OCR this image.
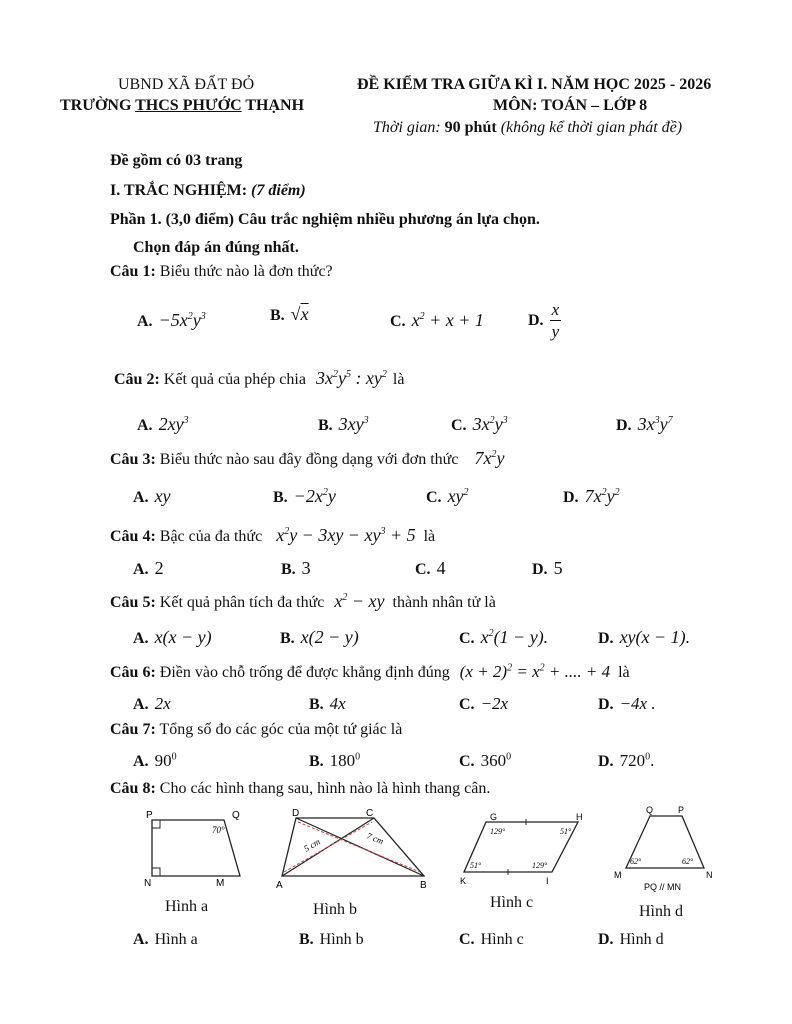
UBND XÃ ĐẤT ĐỎ
TRƯỜNG THCS PHƯỚC THẠNH
ĐỀ KIỂM TRA GIỮA KÌ I. NĂM HỌC 2025 - 2026
MÔN: TOÁN – LỚP 8
Thời gian: 90 phút (không kể thời gian phát đề)
Đề gồm có 03 trang
I. TRẮC NGHIỆM: (7 điểm)
Phần 1. (3,0 điểm) Câu trắc nghiệm nhiều phương án lựa chọn.
Chọn đáp án đúng nhất.
Câu 1: Biểu thức nào là đơn thức?
A. $-5x^2y^3$	B. √x	C. $x^2 + x + 1$	D. $\frac{x}{y}$
Câu 2: Kết quả của phép chia $3x^2y^5$ : $xy^2$ là
A. $2xy^3$	B. $3xy^3$	C. $3x^2y^3$	D. $3x^3y^7$
Câu 3: Biểu thức nào sau đây đồng dạng với đơn thức $7x^2y$
A. xy	B. $-2x^2y$	C. $xy^2$	D. $7x^2y^2$
Câu 4: Bậc của đa thức $x^2y - 3xy - xy^3 + 5$ là
A. 2	B. 3	C. 4	D. 5
Câu 5: Kết quả phân tích đa thức $x^2$ − xy thành nhân tử là
A. x(x − y)	B. x(2 − y)	C. $x^2(1 - y)$.	D. xy(x − 1).
Câu 6: Điền vào chỗ trống để được khẳng định đúng $(x + 2)^2 = x^2$ + .... + 4 là
A. 2x	B. 4x	C. −2x	D. −4x .
Câu 7: Tổng số đo các góc của một tứ giác là
A. $90^0$	B. $180^0$	C. $360^0$	D. $720^0$.
Câu 8: Cho các hình thang sau, hình nào là hình thang cân.
P	Q
N	M
70°
Hình a
D	C
A	B
5 cm	7 cm
Hình b
G	H
K	I
129°	51°
51°	129°
Hình c
Q	P
M	N
62°	62°
PQ // MN
Hình d
A. Hình a	B. Hình b	C. Hình c	D. Hình d
